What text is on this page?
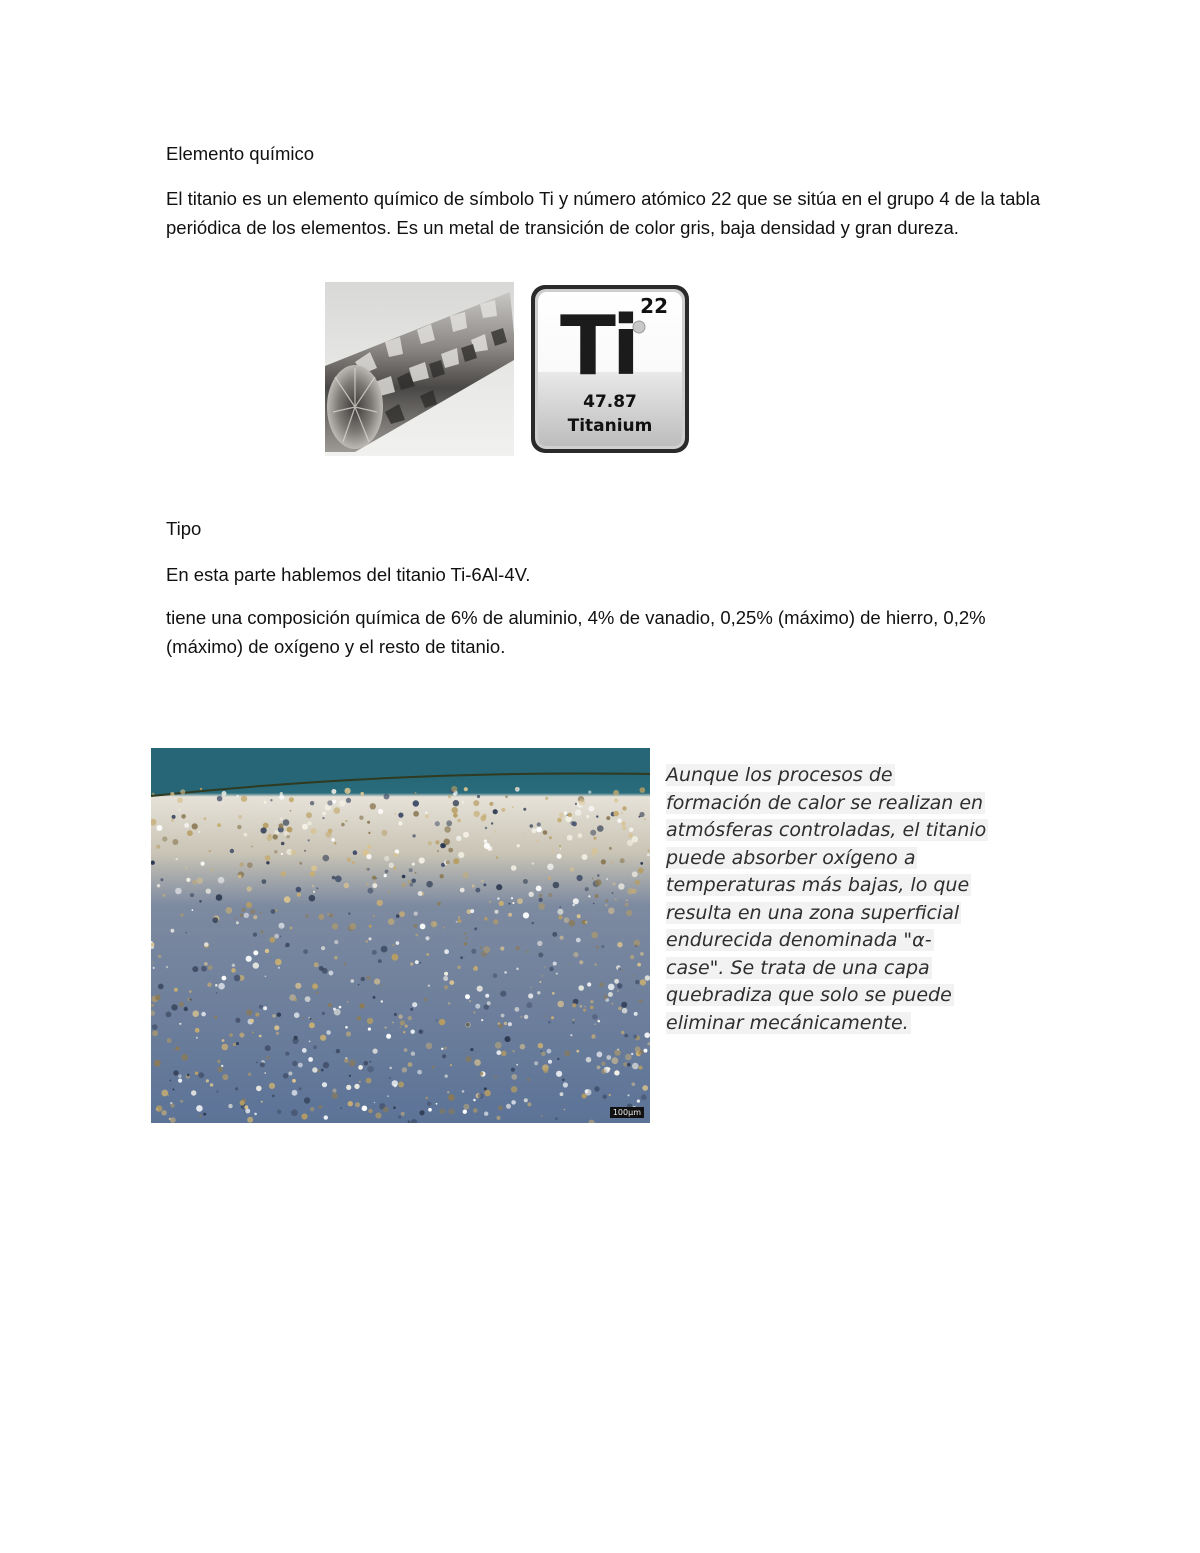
Elemento químico

El titanio es un elemento químico de símbolo Ti y número atómico 22 que se sitúa en el grupo 4 de la tabla periódica de los elementos. Es un metal de transición de color gris, baja densidad y gran dureza.

22
Ti
47.87
Titanium

Tipo

En esta parte hablemos del titanio Ti-6Al-4V.

tiene una composición química de 6% de aluminio, 4% de vanadio, 0,25% (máximo) de hierro, 0,2% (máximo) de oxígeno y el resto de titanio.

100μm
Aunque los procesos de
formación de calor se realizan en
atmósferas controladas, el titanio
puede absorber oxígeno a
temperaturas más bajas, lo que
resulta en una zona superficial
endurecida denominada "α-
case". Se trata de una capa
quebradiza que solo se puede
eliminar mecánicamente.
